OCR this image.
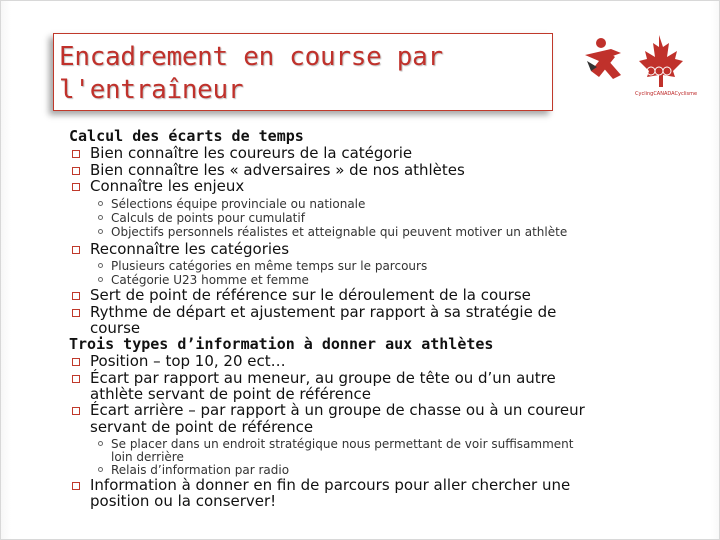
Encadrement en course par
l'entraîneur	CyclingCANADACyclisme
Calcul des écarts de temps
Bien connaître les coureurs de la catégorie
Bien connaître les « adversaires » de nos athlètes
Connaître les enjeux
Sélections équipe provinciale ou nationale
Calculs de points pour cumulatif
Objectifs personnels réalistes et atteignable qui peuvent motiver un athlète
Reconnaître les catégories
Plusieurs catégories en même temps sur le parcours
Catégorie U23 homme et femme
Sert de point de référence sur le déroulement de la course
Rythme de départ et ajustement par rapport à sa stratégie de
course
Trois types d’information à donner aux athlètes
Position – top 10, 20 ect…
Écart par rapport au meneur, au groupe de tête ou d’un autre
athlète servant de point de référence
Écart arrière – par rapport à un groupe de chasse ou à un coureur
servant de point de référence
Se placer dans un endroit stratégique nous permettant de voir suffisamment
loin derrière
Relais d’information par radio
Information à donner en fin de parcours pour aller chercher une
position ou la conserver!
